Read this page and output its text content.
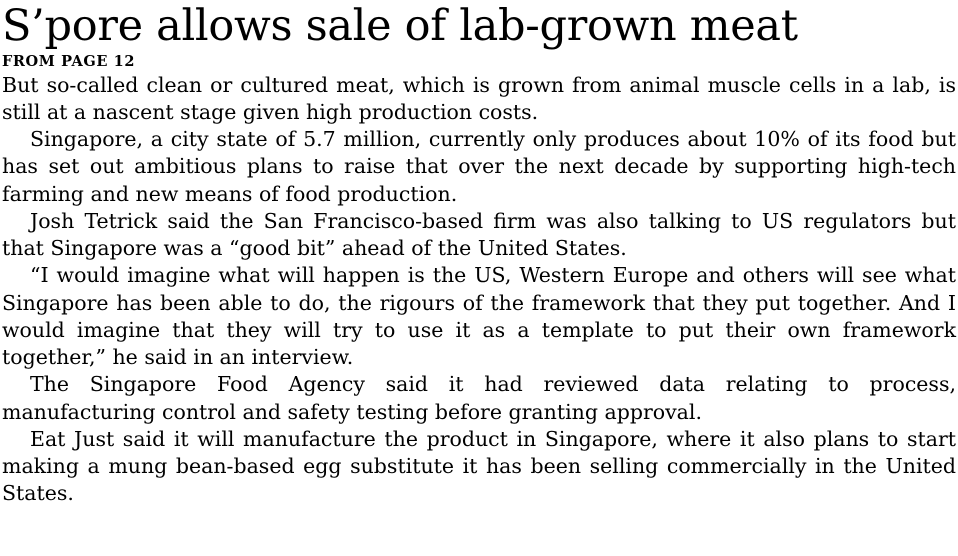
S’pore allows sale of lab-grown meat
FROM PAGE 12

But so-called clean or cultured meat, which is grown from animal muscle cells in a lab, is still at a nascent stage given high production costs.

Singapore, a city state of 5.7 million, currently only produces about 10% of its food but has set out ambitious plans to raise that over the next decade by supporting high-tech farming and new means of food production.

Josh Tetrick said the San Francisco-based firm was also talking to US regulators but that Singapore was a “good bit” ahead of the United States.

“I would imagine what will happen is the US, Western Europe and others will see what Singapore has been able to do, the rigours of the framework that they put together. And I would imagine that they will try to use it as a template to put their own framework together,” he said in an interview.

The Singapore Food Agency said it had reviewed data relating to process, manufacturing control and safety testing before granting approval.

Eat Just said it will manufacture the product in Singapore, where it also plans to start making a mung bean-based egg substitute it has been selling commercially in the United States.
